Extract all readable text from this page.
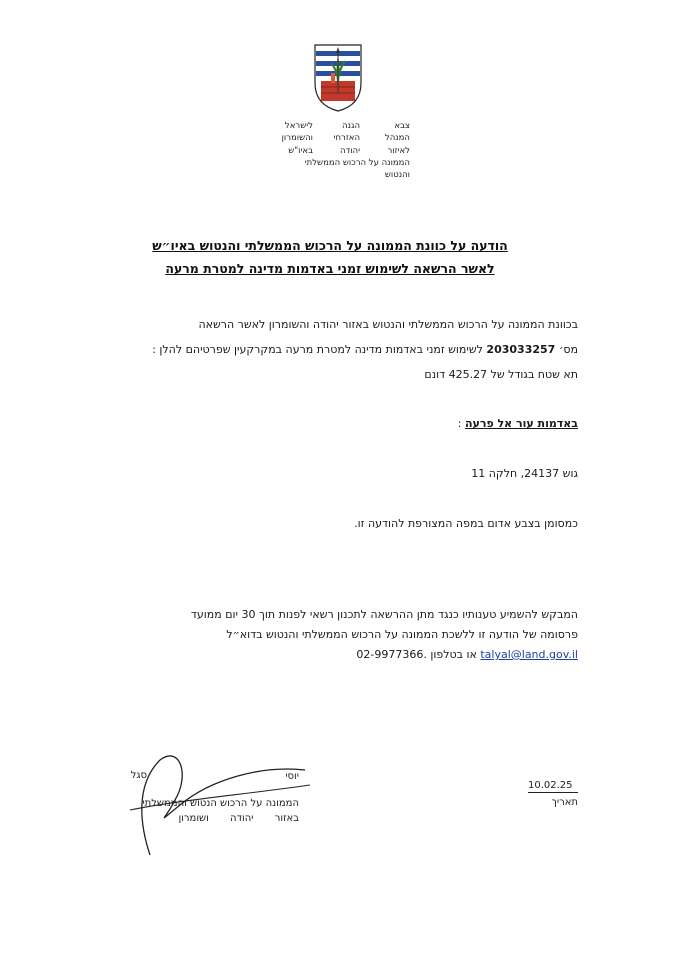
צבא
המנהל
לאיזור
הממונה על הרכוש הממשלתי
והנטוש
הגנה
האזרחי
יהודה
לישראל
והשומרון
באיו"ש
הודעה על כוונת הממונה על הרכוש הממשלתי והנטוש באיו״ש
לאשר הרשאה לשימוש זמני באדמות מדינה למטרת מרעה
בכוונת הממונה על הרכוש הממשלתי והנטוש באזור יהודה והשומרון לאשר הרשאה
מס׳ 203033257 לשימוש זמני באדמות מדינה למטרת מרעה במקרקעין שפרטיהם להלן :
תא שטח בגודל של 425.27 דונם
באדמות עור אל פרעה :
גוש 24137, חלקה 11
כמסומן בצבע אדום במפה המצורפת להודעה זו.
המבקש להשמיע טענותיו כנגד מתן ההרשאה לתכנון רשאי לפנות תוך 30 יום ממועד
פרסומה של הודעה זו ללשכת הממונה על הרכוש הממשלתי והנטוש בדוא״ל
talyal@land.gov.il או בטלפון 02-9977366.
יוסי
סגל
הממונה על הרכוש הנטוש והממשלתי
באזור יהודה ושומרון
10.02.25
תאריך
